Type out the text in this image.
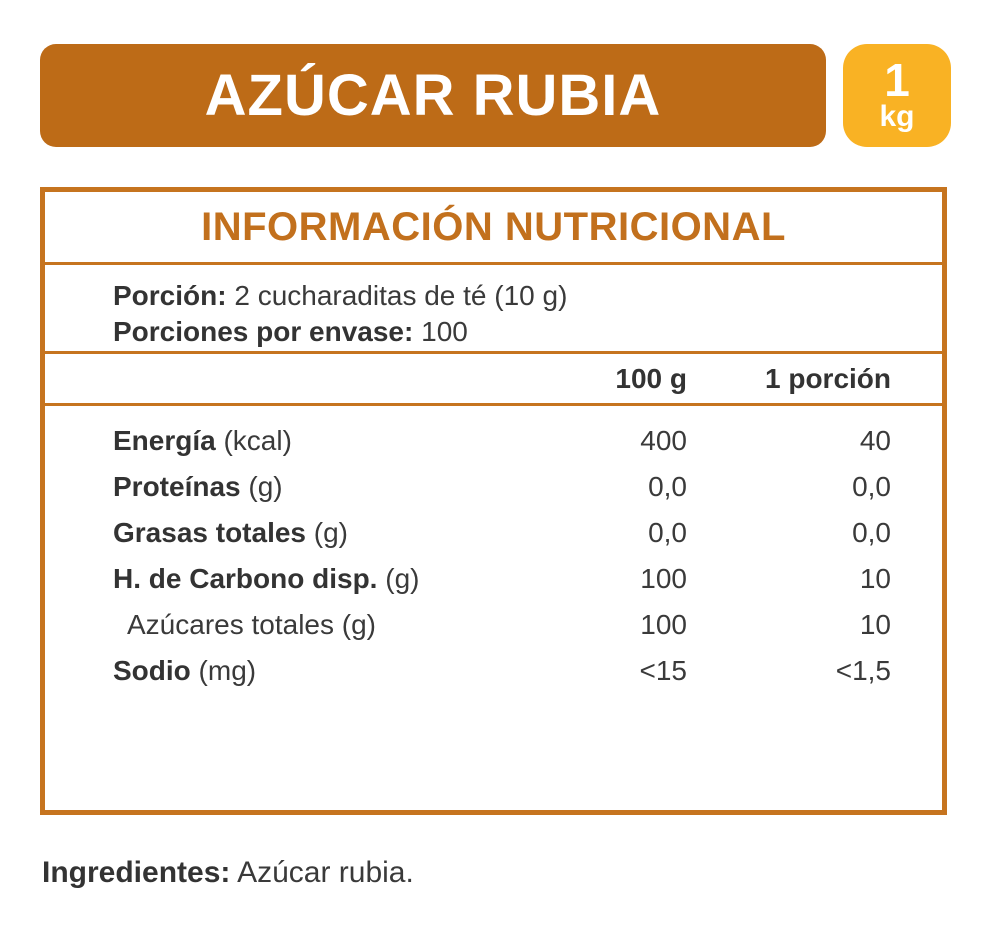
AZÚCAR RUBIA	1
kg
INFORMACIÓN NUTRICIONAL
Porción: 2 cucharaditas de té (10 g)
Porciones por envase: 100
100 g	1 porción
Energía (kcal)	400	40
Proteínas (g)	0,0	0,0
Grasas totales (g)	0,0	0,0
H. de Carbono disp. (g)	100	10
Azúcares totales (g)	100	10
Sodio (mg)	<15	<1,5
Ingredientes: Azúcar rubia.
